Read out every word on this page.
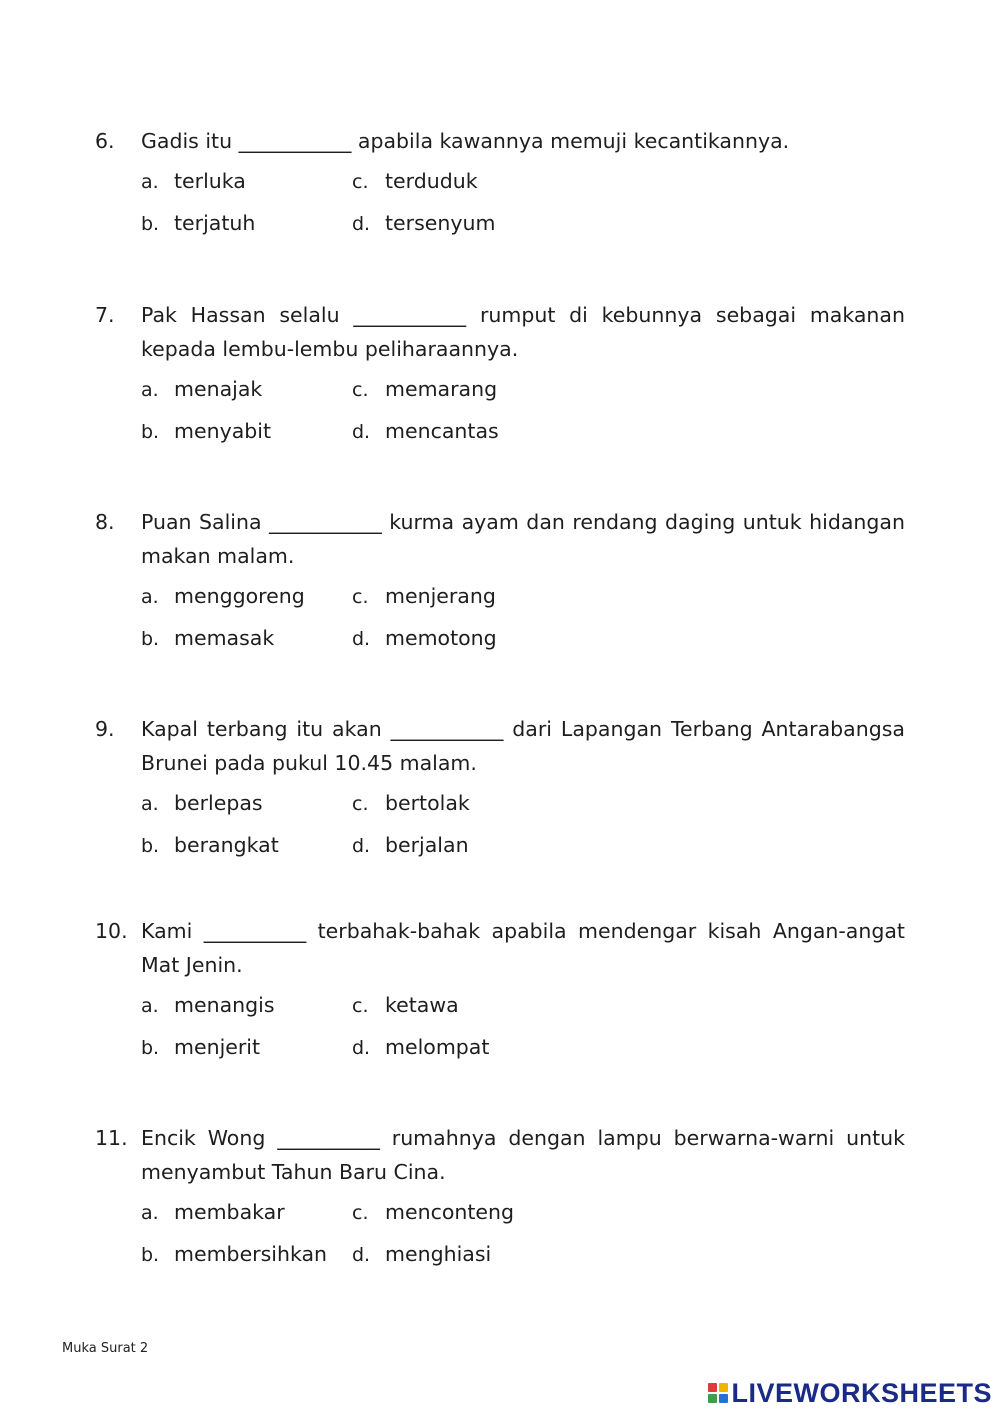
6. Gadis itu ___________ apabila kawannya memuji kecantikannya.
a. terluka	c. terduduk
b. terjatuh	d. tersenyum
7. Pak Hassan selalu ___________ rumput di kebunnya sebagai makanan kepada lembu-lembu peliharaannya.
a. menajak	c. memarang
b. menyabit	d. mencantas
8. Puan Salina ___________ kurma ayam dan rendang daging untuk hidangan makan malam.
a. menggoreng c. menjerang
b. memasak	d. memotong
9. Kapal terbang itu akan ___________ dari Lapangan Terbang Antarabangsa Brunei pada pukul 10.45 malam.
a. berlepas	c. bertolak
b. berangkat	d. berjalan
10. Kami __________ terbahak-bahak apabila mendengar kisah Angan-angat Mat Jenin.
a. menangis	c. ketawa
b. menjerit	d. melompat
11. Encik Wong __________ rumahnya dengan lampu berwarna-warni untuk menyambut Tahun Baru Cina.
a. membakar	c. menconteng
b. membersihkan d. menghiasi
Muka Surat 2
LIVEWORKSHEETS
